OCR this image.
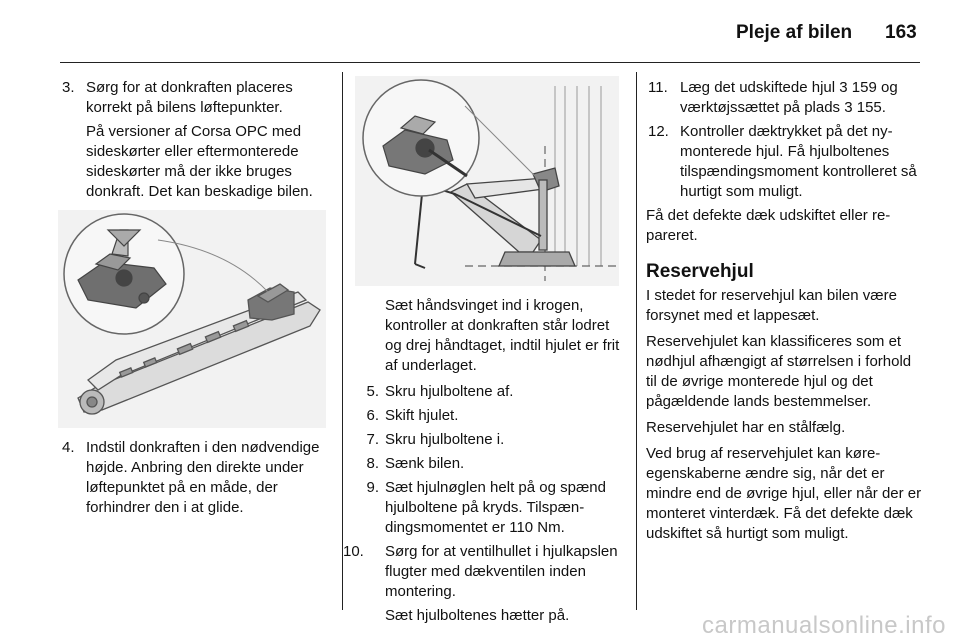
Pleje af bilen 163
3. Sørg for at donkraften placeres korrekt på bilens løftepunkter.

På versioner af Corsa OPC med sideskørter eller eftermonterede sideskørter må der ikke bruges donkraft. Det kan beskadige bilen.

4. Indstil donkraften i den nødvendige højde. Anbring den direkte under løftepunktet på en måde, der forhindrer den i at glide.

Sæt håndsvinget ind i krogen, kontroller at donkraften står lodret og drej håndtaget, indtil hjulet er frit af underlaget.

5. Skru hjulboltene af.
6. Skift hjulet.
7. Skru hjulboltene i.
8. Sænk bilen.
9. Sæt hjulnøglen helt på og spænd hjulboltene på kryds. Tilspændingsmomentet er 110 Nm.
10.	Sørg for at ventilhullet i hjulkapslen flugter med dækventilen inden montering.

Sæt hjulboltenes hætter på.

11. Læg det udskiftede hjul 3 159 og værktøjssættet på plads 3 155.
12. Kontroller dæktrykket på det nymonterede hjul. Få hjulboltenes tilspændingsmoment kontrolleret så hurtigt som muligt.

Få det defekte dæk udskiftet eller repareret.

Reservehjul

I stedet for reservehjul kan bilen være forsynet med et lappesæt.

Reservehjulet kan klassificeres som et nødhjul afhængigt af størrelsen i forhold til de øvrige monterede hjul og det pågældende lands bestemmelser.

Reservehjulet har en stålfælg.

Ved brug af reservehjulet kan køreegenskaberne ændre sig, når det er mindre end de øvrige hjul, eller når der er monteret vinterdæk. Få det defekte dæk udskiftet så hurtigt som muligt.

carmanualsonline.info
